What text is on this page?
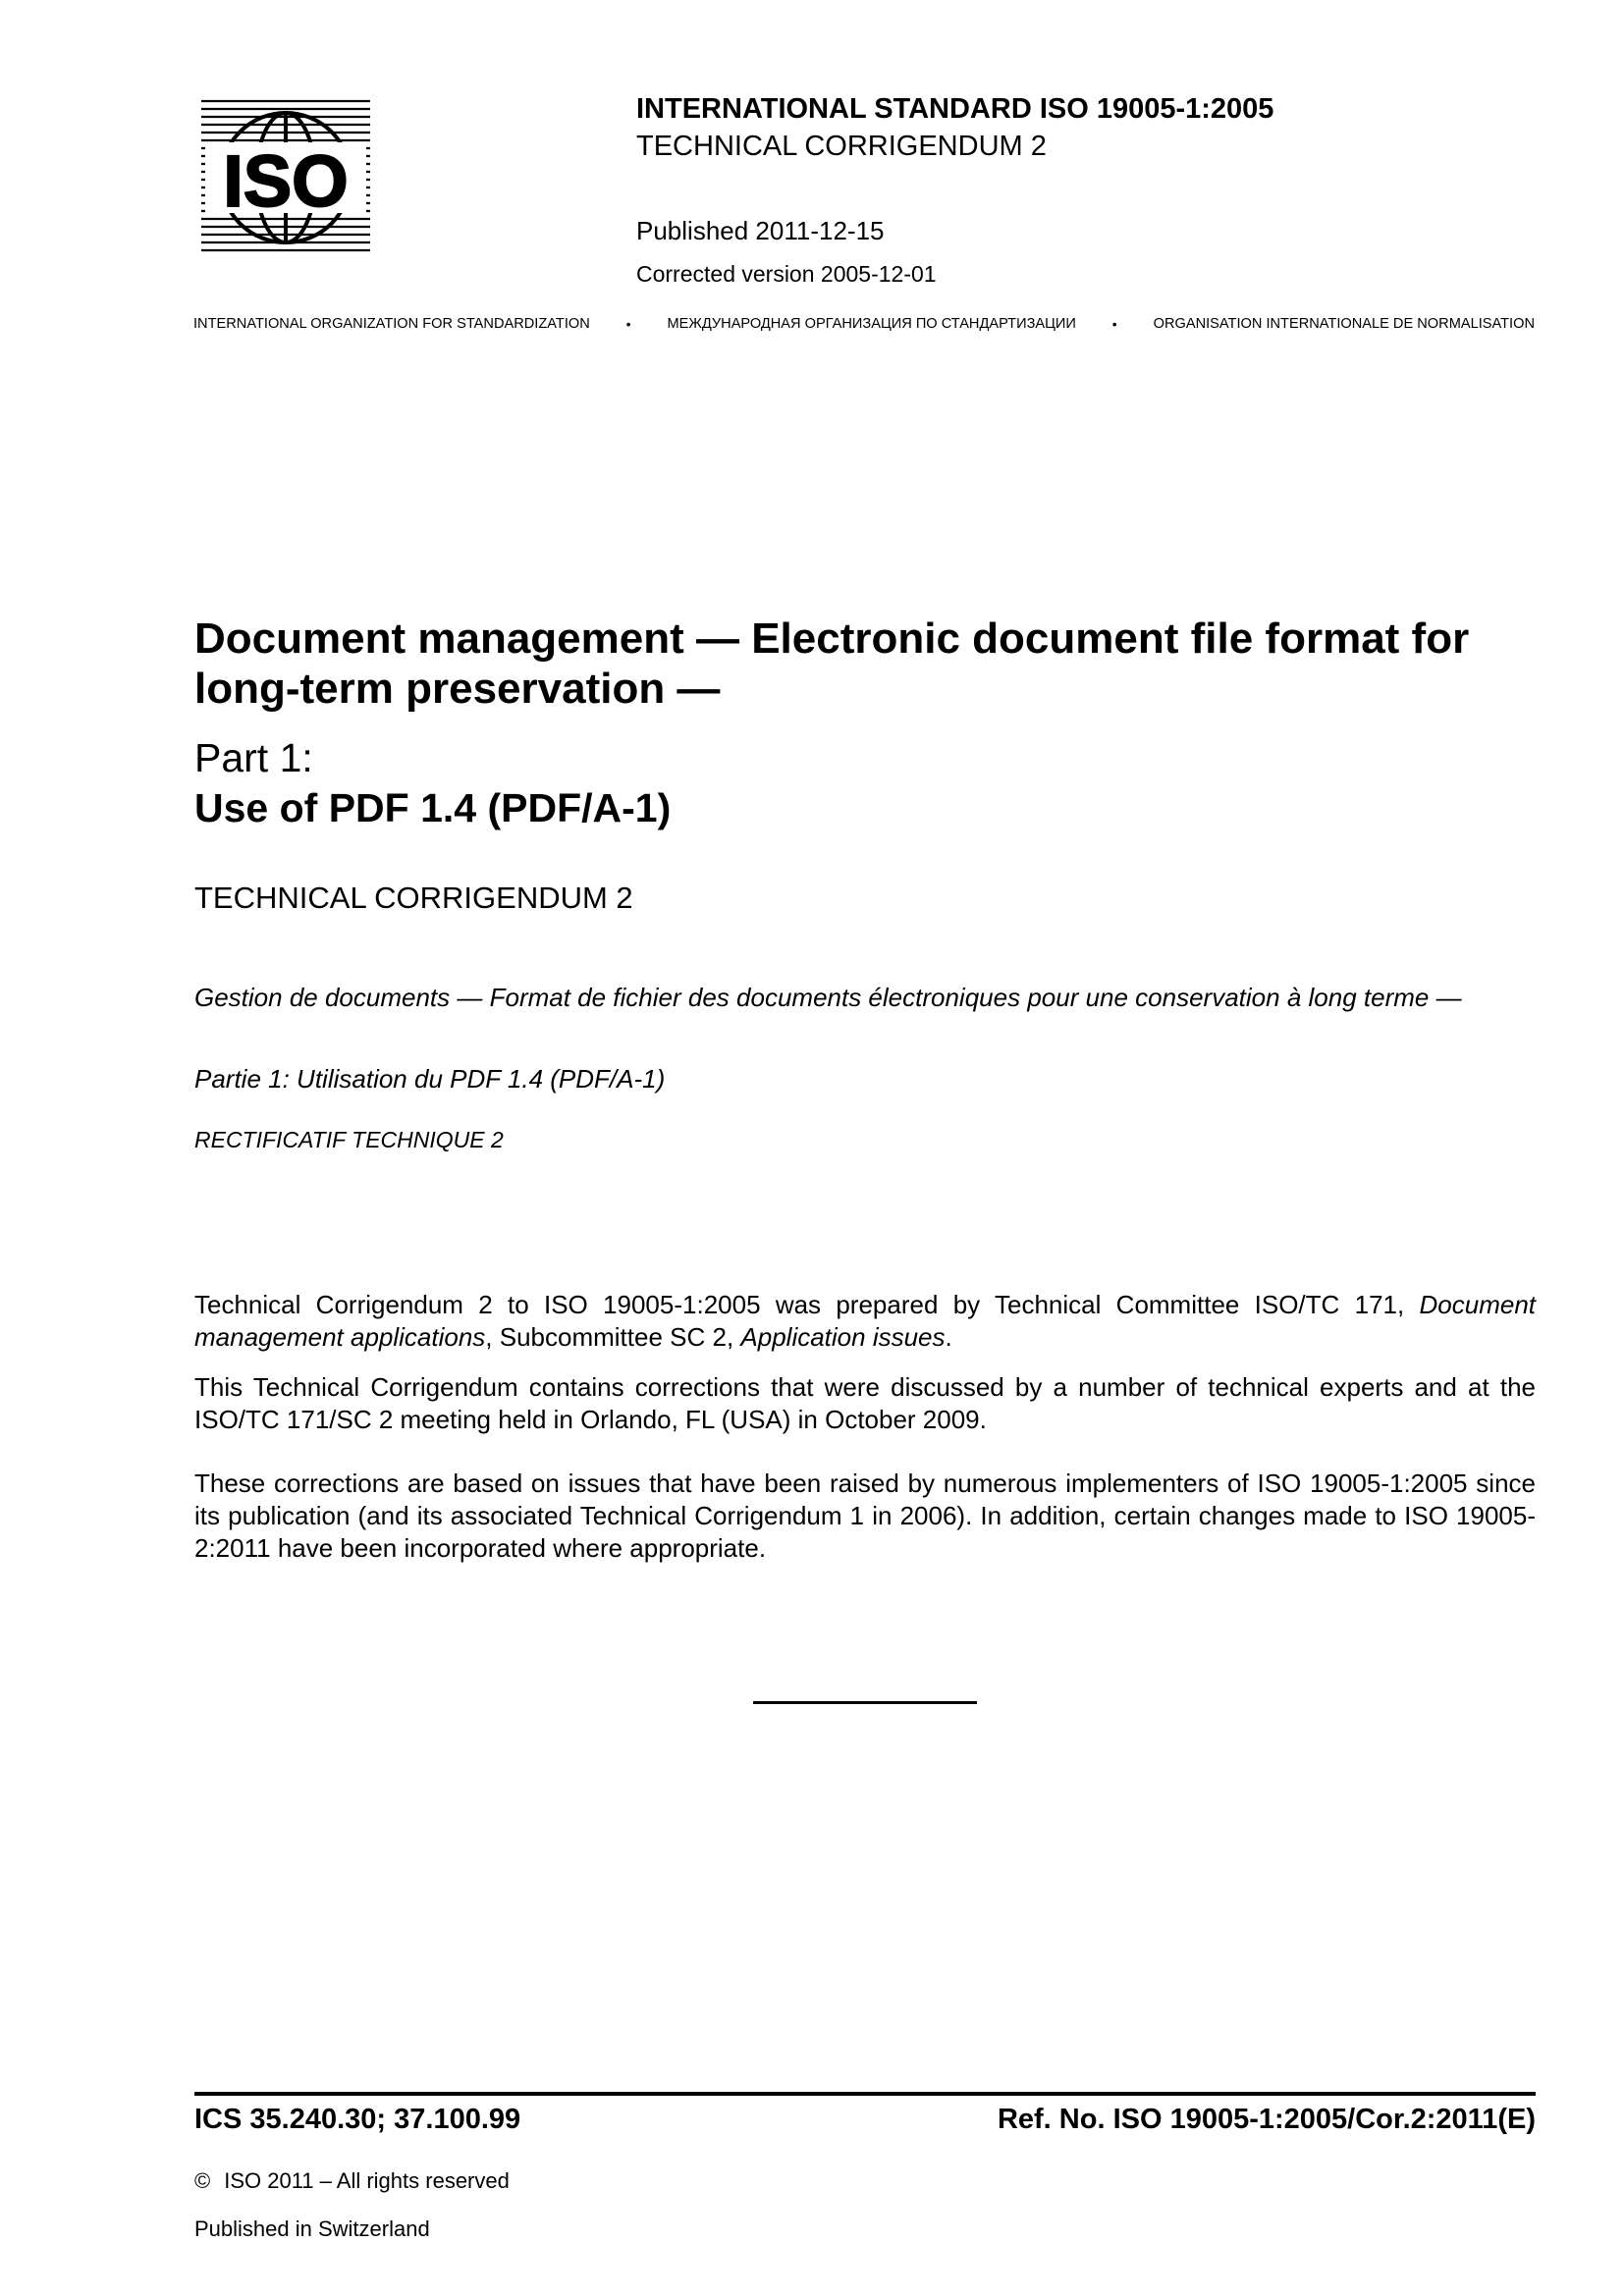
ISO
INTERNATIONAL STANDARD ISO 19005-1:2005
TECHNICAL CORRIGENDUM 2
Published 2011-12-15
Corrected version 2005-12-01
INTERNATIONAL ORGANIZATION FOR STANDARDIZATION	•	МЕЖДУНАРОДНАЯ ОРГАНИЗАЦИЯ ПО СТАНДАРТИЗАЦИИ	•	ORGANISATION INTERNATIONALE DE NORMALISATION
Document management — Electronic document file format for long-term preservation —
Part 1:
Use of PDF 1.4 (PDF/A-1)
TECHNICAL CORRIGENDUM 2
Gestion de documents — Format de fichier des documents électroniques pour une conservation à long terme —
Partie 1: Utilisation du PDF 1.4 (PDF/A-1)
RECTIFICATIF TECHNIQUE 2

Technical Corrigendum 2 to ISO 19005-1:2005 was prepared by Technical Committee ISO/TC 171, Document management applications, Subcommittee SC 2, Application issues.

This Technical Corrigendum contains corrections that were discussed by a number of technical experts and at the ISO/TC 171/SC 2 meeting held in Orlando, FL (USA) in October 2009.

These corrections are based on issues that have been raised by numerous implementers of ISO 19005-1:2005 since its publication (and its associated Technical Corrigendum 1 in 2006). In addition, certain changes made to ISO 19005-2:2011 have been incorporated where appropriate.

ICS 35.240.30; 37.100.99	Ref. No. ISO 19005-1:2005/Cor.2:2011(E)
© ISO 2011 – All rights reserved
Published in Switzerland
